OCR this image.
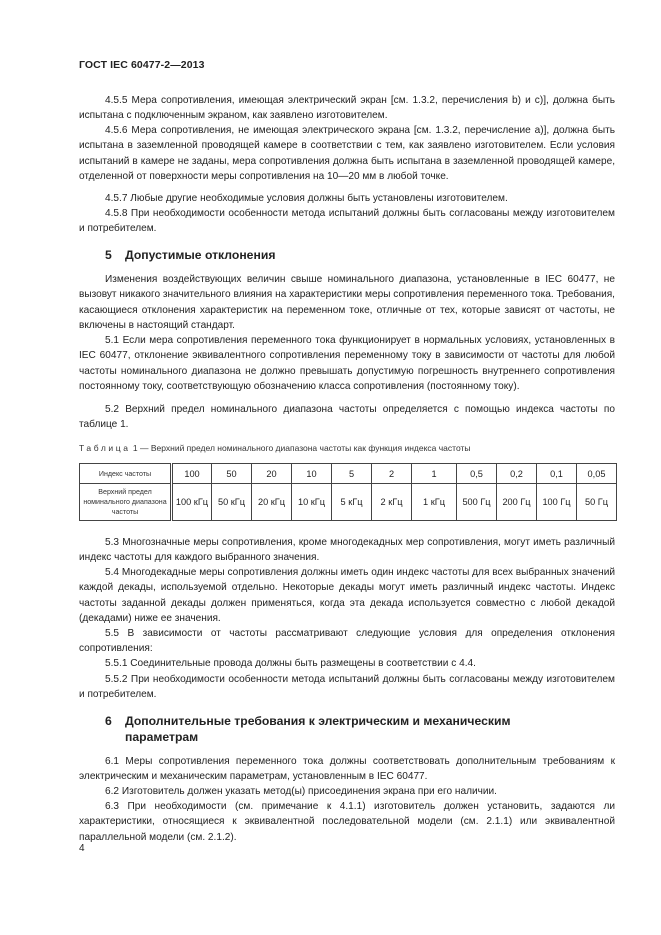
ГОСТ IEC 60477-2—2013
4.5.5 Мера сопротивления, имеющая электрический экран [см. 1.3.2, перечисления b) и c)], должна быть испытана с подключенным экраном, как заявлено изготовителем.
4.5.6 Мера сопротивления, не имеющая электрического экрана [см. 1.3.2, перечисление а)], должна быть испытана в заземленной проводящей камере в соответствии с тем, как заявлено изготовителем. Если условия испытаний в камере не заданы, мера сопротивления должна быть испытана в заземленной проводящей камере, отделенной от поверхности меры сопротивления на 10—20 мм в любой точке.
4.5.7 Любые другие необходимые условия должны быть установлены изготовителем.
4.5.8 При необходимости особенности метода испытаний должны быть согласованы между изготовителем и потребителем.
5 Допустимые отклонения
Изменения воздействующих величин свыше номинального диапазона, установленные в IEC 60477, не вызовут никакого значительного влияния на характеристики меры сопротивления переменного тока. Требования, касающиеся отклонения характеристик на переменном токе, отличные от тех, которые зависят от частоты, не включены в настоящий стандарт.
5.1 Если мера сопротивления переменного тока функционирует в нормальных условиях, установленных в IEC 60477, отклонение эквивалентного сопротивления переменному току в зависимости от частоты для любой частоты номинального диапазона не должно превышать допустимую погрешность внутреннего сопротивления постоянному току, соответствующую обозначению класса сопротивления (постоянному току).
5.2 Верхний предел номинального диапазона частоты определяется с помощью индекса частоты по таблице 1.
Таблица 1 — Верхний предел номинального диапазона частоты как функция индекса частоты
Индекс частоты	100	50	20	10	5	2	1	0,5	0,2	0,1	0,05
Верхний предел номинального диапазона частоты	100 кГц	50 кГц	20 кГц	10 кГц	5 кГц	2 кГц	1 кГц	500 Гц	200 Гц	100 Гц	50 Гц
5.3 Многозначные меры сопротивления, кроме многодекадных мер сопротивления, могут иметь различный индекс частоты для каждого выбранного значения.
5.4 Многодекадные меры сопротивления должны иметь один индекс частоты для всех выбранных значений каждой декады, используемой отдельно. Некоторые декады могут иметь различный индекс частоты. Индекс частоты заданной декады должен применяться, когда эта декада используется совместно с любой декадой (декадами) ниже ее значения.
5.5 В зависимости от частоты рассматривают следующие условия для определения отклонения сопротивления:
5.5.1 Соединительные провода должны быть размещены в соответствии с 4.4.
5.5.2 При необходимости особенности метода испытаний должны быть согласованы между изготовителем и потребителем.
6 Дополнительные требования к электрическим и механическим
параметрам
6.1 Меры сопротивления переменного тока должны соответствовать дополнительным требованиям к электрическим и механическим параметрам, установленным в IEC 60477.
6.2 Изготовитель должен указать метод(ы) присоединения экрана при его наличии.
6.3 При необходимости (см. примечание к 4.1.1) изготовитель должен установить, задаются ли характеристики, относящиеся к эквивалентной последовательной модели (см. 2.1.1) или эквивалентной параллельной модели (см. 2.1.2).
4
